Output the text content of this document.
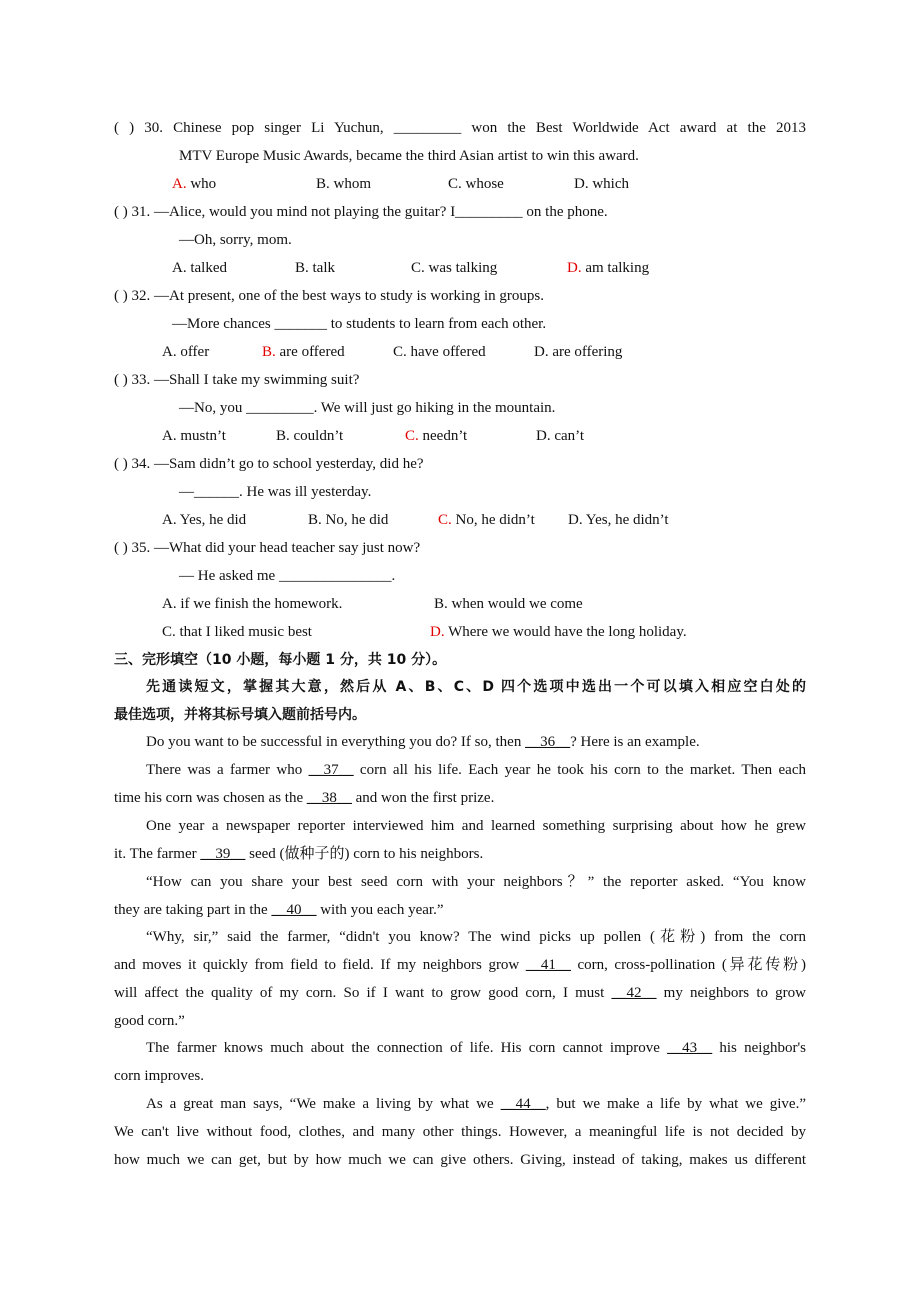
( ) 30. Chinese pop singer Li Yuchun, _________ won the Best Worldwide Act award at the 2013
MTV Europe Music Awards, became the third Asian artist to win this award.
A. who	B. whom	C. whose	D. which
( ) 31. —Alice, would you mind not playing the guitar? I_________ on the phone.
—Oh, sorry, mom.
A. talked	B. talk	C. was talking	D. am talking
( ) 32. —At present, one of the best ways to study is working in groups.
—More chances _______ to students to learn from each other.
A. offer	B. are offered	C. have offered	D. are offering
( ) 33. —Shall I take my swimming suit?
—No, you _________. We will just go hiking in the mountain.
A. mustn’t	B. couldn’t	C. needn’t	D. can’t
( ) 34. —Sam didn’t go to school yesterday, did he?
—______. He was ill yesterday.
A. Yes, he did	B. No, he did	C. No, he didn’t D. Yes, he didn’t
( ) 35. —What did your head teacher say just now?
— He asked me _______________.
A. if we finish the homework.	B. when would we come
C. that I liked music best	D. Where we would have the long holiday.
三、完形填空（10 小题，每小题 1 分，共 10 分）。
先通读短文，掌握其大意，然后从 A、B、C、D 四个选项中选出一个可以填入相应空白处的
最佳选项，并将其标号填入题前括号内。
Do you want to be successful in everything you do? If so, then __36__? Here is an example.
There was a farmer who __37__ corn all his life. Each year he took his corn to the market. Then each
time his corn was chosen as the __38__ and won the first prize.
One year a newspaper reporter interviewed him and learned something surprising about how he grew
it. The farmer __39__ seed (做种子的) corn to his neighbors.
“How can you share your best seed corn with your neighbors？” the reporter asked. “You know
they are taking part in the __40__ with you each year.”
“Why, sir,” said the farmer, “didn't you know? The wind picks up pollen (花粉) from the corn
and moves it quickly from field to field. If my neighbors grow __41__ corn, cross-pollination (异花传粉)
will affect the quality of my corn. So if I want to grow good corn, I must __42__ my neighbors to grow
good corn.”
The farmer knows much about the connection of life. His corn cannot improve __43__ his neighbor's
corn improves.
As a great man says, “We make a living by what we __44__, but we make a life by what we give.”
We can't live without food, clothes, and many other things. However, a meaningful life is not decided by
how much we can get, but by how much we can give others. Giving, instead of taking, makes us different
